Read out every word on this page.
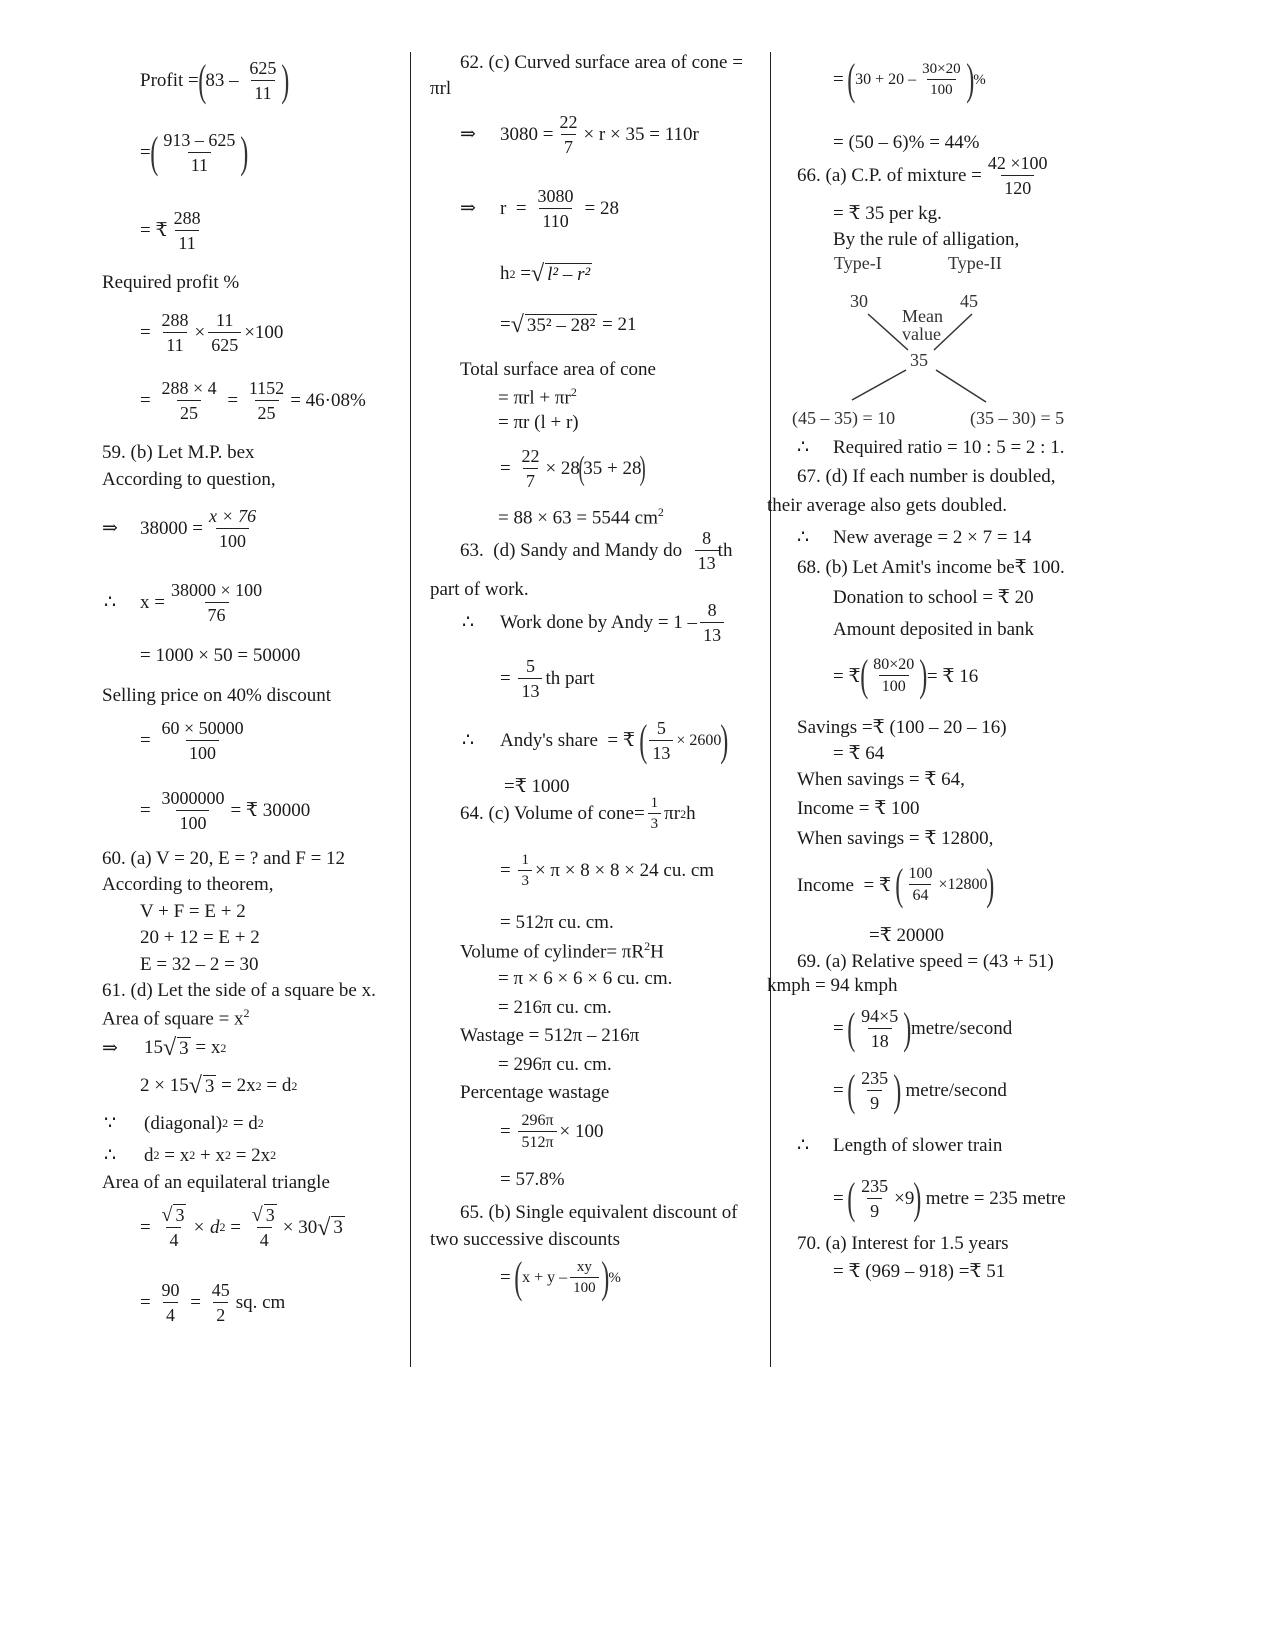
Profit = ( $83 - \frac{625}{11}$ )
= ( $\frac{913 - 625}{11}$ )
= ₹ $\frac{288}{11}$
Required profit %
= $\frac{288}{11} \times \frac{11}{625} \times 100$
= $\frac{288 \times 4}{25} = \frac{1152}{25} = 46\cdot 08\%$
59. (b) Let M.P. bex
According to question,
⇒	$38000 = \frac{x \times 76}{100}$
∴	$x = \frac{38000 \times 100}{76}$
= 1000 × 50 = 50000
Selling price on 40% discount
= $\frac{60 \times 50000}{100}$
= $\frac{3000000}{100}$ = ₹ 30000
60. (a) V = 20, E = ? and F = 12
According to theorem,
V + F = E + 2
20 + 12 = E + 2
E = 32 – 2 = 30
61. (d) Let the side of a square be x.
Area of square = $x^2$
⇒	15 √ 3
= x 2
2 × 15 √ 3
= 2x 2
= d 2
∵	(diagonal) 2
= d 2
∴	d 2
= x 2
+ x 2
= 2x 2
Area of an equilateral triangle
= $\frac{√ 3}{4} \times d$ $2 = \frac{√ 3}{4} \times 30$ √ 3
= $\frac{90}{4} = \frac{45}{2}$ sq. cm
62. (c) Curved surface area of cone =
πrl
⇒	$3080 = \frac{22}{7} \times r \times 35$
= 110r
⇒	$r = \frac{3080}{110} = 28$
h 2
= √ l² – r²
= √ 35² – 28²
= 21
Total surface area of cone
= $\pi rl + \pi r^2$
= πr (l + r)
= $\frac{22}{7} \times 28$
(
35 + 28
)
= 88 × 63 = 5544 $cm^2$
63.  (d) Sandy and Mandy do
$\frac{8}{13}$ th
part of work.
∴	Work done by Andy = $1 - \frac{8}{13}$
= $\frac{5}{13}$ th part
∴	Andy's share  = ₹
( $\frac{5}{13} \times 2600$ )
=₹ 1000
64. (c) Volume of cone= $\frac{1}{3}$ πr 2 h
= $\frac{1}{3} \times \pi \times 8 \times 8 \times 24$ cu. cm
= 512π cu. cm.
Volume of cylinder= $\pi R^2H$
= π × 6 × 6 × 6 cu. cm.
= 216π cu. cm.
Wastage = 512π – 216π
= 296π cu. cm.
Percentage wastage
= $\frac{296\pi}{512\pi} \times 100$
= 57.8%
65. (b) Single equivalent discount of
two successive discounts
= ( $x + y - \frac{xy}{100}$ ) %
= ( $30 + 20 - \frac{30\times 20}{100}$ ) %
= (50 – 6)% = 44%
66. (a) C.P. of mixture = $\frac{42 \times 100}{120}$
= ₹ 35 per kg.
By the rule of alligation,
Type-I	Type-II
30	45
Mean
value
35
(45 – 35) = 10	(35 – 30) = 5
∴	Required ratio = 10 : 5 = 2 : 1.
67. (d) If each number is doubled,
their average also gets doubled.
∴	New average = 2 × 7 = 14
68. (b) Let Amit's income be₹ 100.
Donation to school = ₹ 20
Amount deposited in bank
= ₹ ( $\frac{80\times 20}{100}$ ) = ₹ 16
Savings =₹ (100 – 20 – 16)
= ₹ 64
When savings = ₹ 64,
Income = ₹ 100
When savings = ₹ 12800,
Income  = ₹
( $\frac{100}{64} \times 12800$ )
=₹ 20000
69. (a) Relative speed = (43 + 51)
kmph = 94 kmph
= ( $\frac{94\times 5}{18}$ ) metre/second
= ( $\frac{235}{9}$ )
metre/second
∴	Length of slower train
= ( $\frac{235}{9} \times 9$ )
metre = 235 metre
70. (a) Interest for 1.5 years
= ₹ (969 – 918) =₹ 51
